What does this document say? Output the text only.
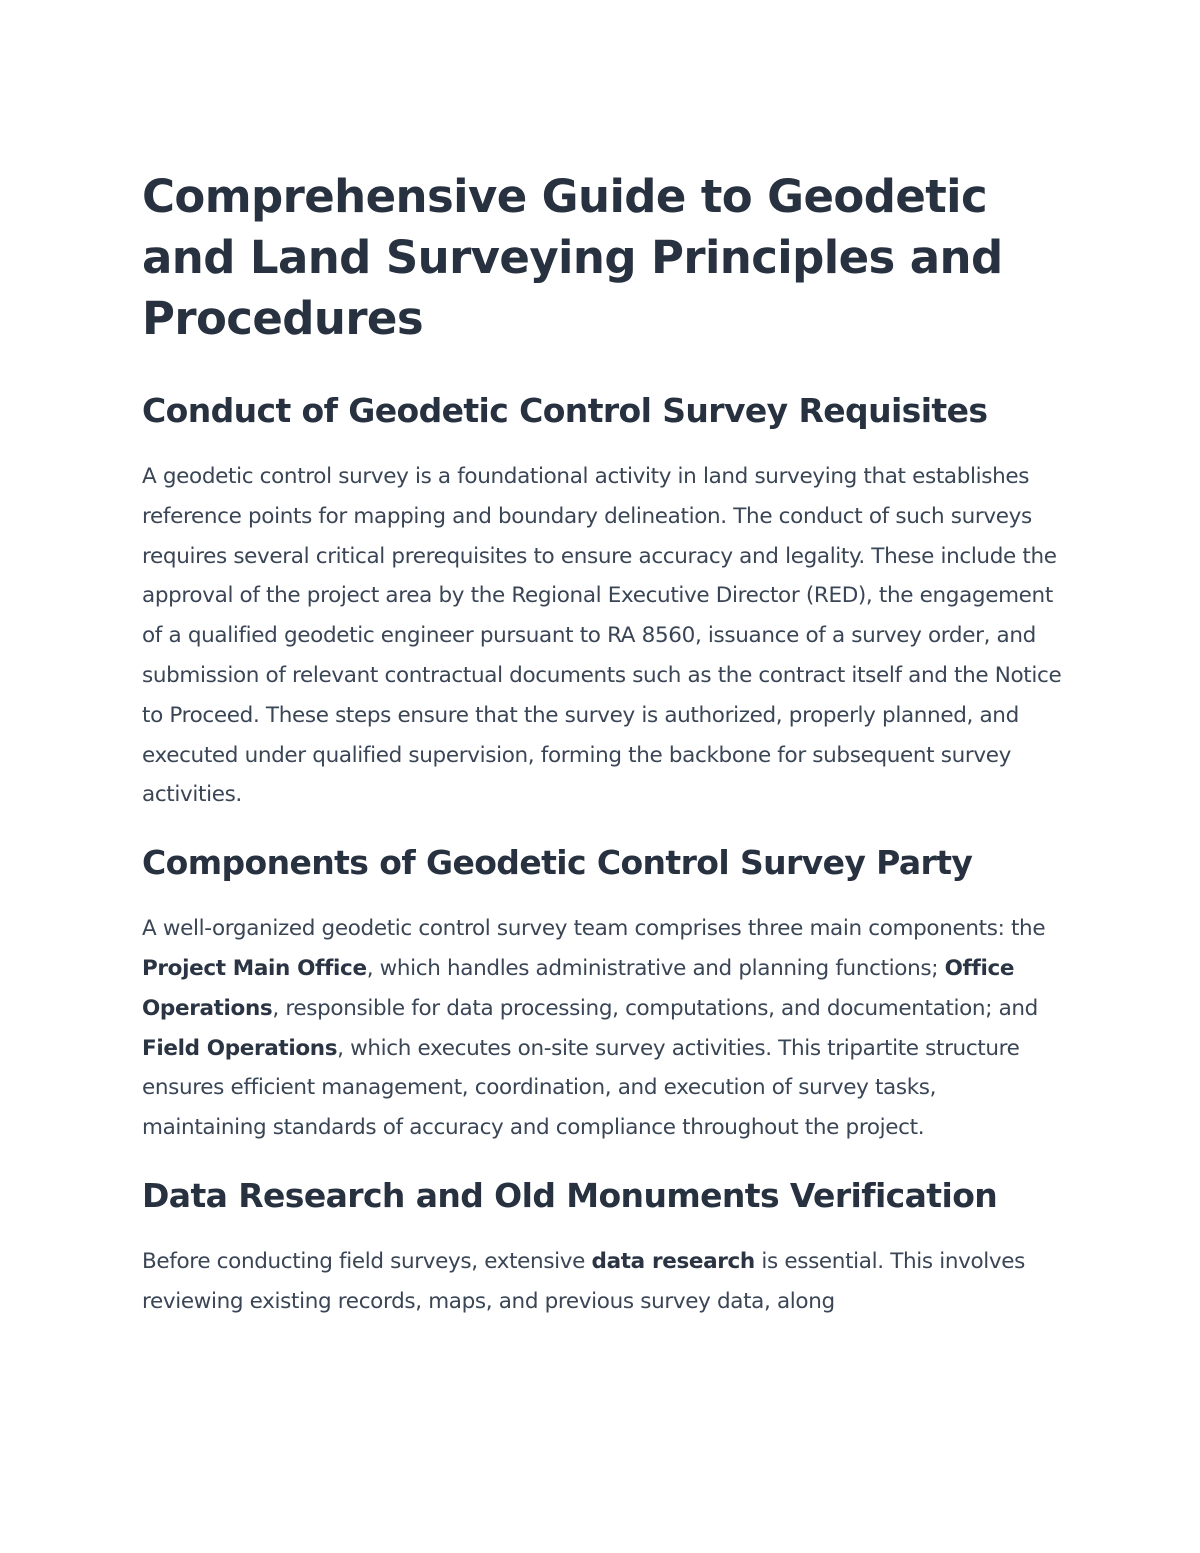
Comprehensive Guide to Geodetic and Land Surveying Principles and Procedures
Conduct of Geodetic Control Survey Requisites

A geodetic control survey is a foundational activity in land surveying that establishes reference points for mapping and boundary delineation. The conduct of such surveys requires several critical prerequisites to ensure accuracy and legality. These include the approval of the project area by the Regional Executive Director (RED), the engagement of a qualified geodetic engineer pursuant to RA 8560, issuance of a survey order, and submission of relevant contractual documents such as the contract itself and the Notice to Proceed. These steps ensure that the survey is authorized, properly planned, and executed under qualified supervision, forming the backbone for subsequent survey activities.

Components of Geodetic Control Survey Party

A well-organized geodetic control survey team comprises three main components: the Project Main Office, which handles administrative and planning functions; Office Operations, responsible for data processing, computations, and documentation; and Field Operations, which executes on-site survey activities. This tripartite structure ensures efficient management, coordination, and execution of survey tasks, maintaining standards of accuracy and compliance throughout the project.

Data Research and Old Monuments Verification

Before conducting field surveys, extensive data research is essential. This involves reviewing existing records, maps, and previous survey data, along
